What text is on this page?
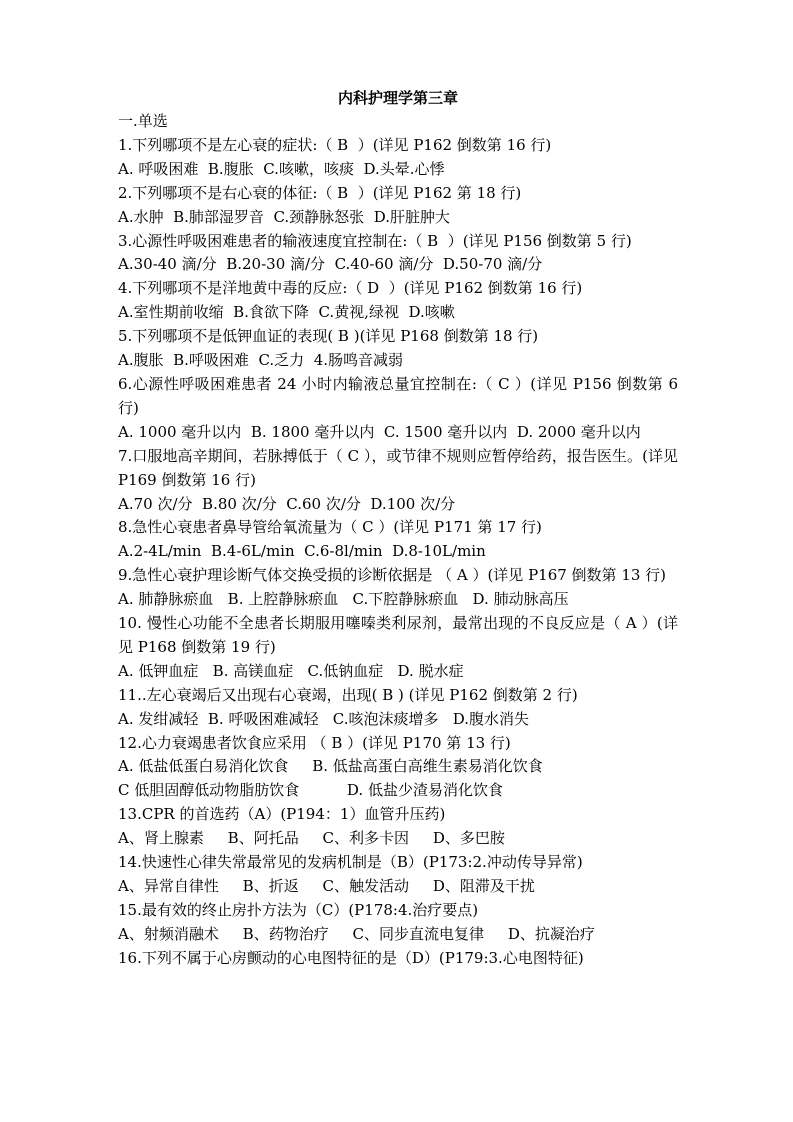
内科护理学第三章
一.单选
1.下列哪项不是左心衰的症状:（ B  ）(详见 P162 倒数第 16 行)
A. 呼吸困难  B.腹胀  C.咳嗽，咳痰  D.头晕.心悸
2.下列哪项不是右心衰的体征:（ B  ）(详见 P162 第 18 行)
A.水肿  B.肺部湿罗音  C.颈静脉怒张  D.肝脏肿大
3.心源性呼吸困难患者的输液速度宜控制在:（ B  ）(详见 P156 倒数第 5 行)
A.30-40 滴/分  B.20-30 滴/分  C.40-60 滴/分  D.50-70 滴/分
4.下列哪项不是洋地黄中毒的反应:（ D  ）(详见 P162 倒数第 16 行)
A.室性期前收缩  B.食欲下降  C.黄视,绿视  D.咳嗽
5.下列哪项不是低钾血证的表现( B )(详见 P168 倒数第 18 行)
A.腹胀  B.呼吸困难  C.乏力  4.肠鸣音减弱
6.心源性呼吸困难患者 24 小时内输液总量宜控制在:（ C ）(详见 P156 倒数第 6 行)
A. 1000 毫升以内  B. 1800 毫升以内  C. 1500 毫升以内  D. 2000 毫升以内
7.口服地高辛期间，若脉搏低于（ C ），或节律不规则应暂停给药，报告医生。(详见 P169 倒数第 16 行)
A.70 次/分  B.80 次/分  C.60 次/分  D.100 次/分
8.急性心衰患者鼻导管给氧流量为（ C ）(详见 P171 第 17 行)
A.2-4L/min  B.4-6L/min  C.6-8l/min  D.8-10L/min
9.急性心衰护理诊断气体交换受损的诊断依据是 （ A ）(详见 P167 倒数第 13 行)
A. 肺静脉瘀血   B. 上腔静脉瘀血   C.下腔静脉瘀血   D. 肺动脉高压
10. 慢性心功能不全患者长期服用噻嗪类利尿剂，最常出现的不良反应是（ A ）(详见 P168 倒数第 19 行)
A. 低钾血症   B. 高镁血症   C.低钠血症   D. 脱水症
11..左心衰竭后又出现右心衰竭，出现( B ) (详见 P162 倒数第 2 行)
A. 发绀减轻  B. 呼吸困难减轻   C.咳泡沫痰增多   D.腹水消失
12.心力衰竭患者饮食应采用 （ B ）(详见 P170 第 13 行)
A. 低盐低蛋白易消化饮食     B. 低盐高蛋白高维生素易消化饮食
C 低胆固醇低动物脂肪饮食          D. 低盐少渣易消化饮食
13.CPR 的首选药（A）(P194：1）血管升压药)
A、肾上腺素     B、阿托品     C、利多卡因     D、多巴胺
14.快速性心律失常最常见的发病机制是（B）(P173:2.冲动传导异常)
A、异常自律性     B、折返     C、触发活动     D、阻滞及干扰
15.最有效的终止房扑方法为（C）(P178:4.治疗要点)
A、射频消融术     B、药物治疗     C、同步直流电复律     D、抗凝治疗
16.下列不属于心房颤动的心电图特征的是（D）(P179:3.心电图特征)
